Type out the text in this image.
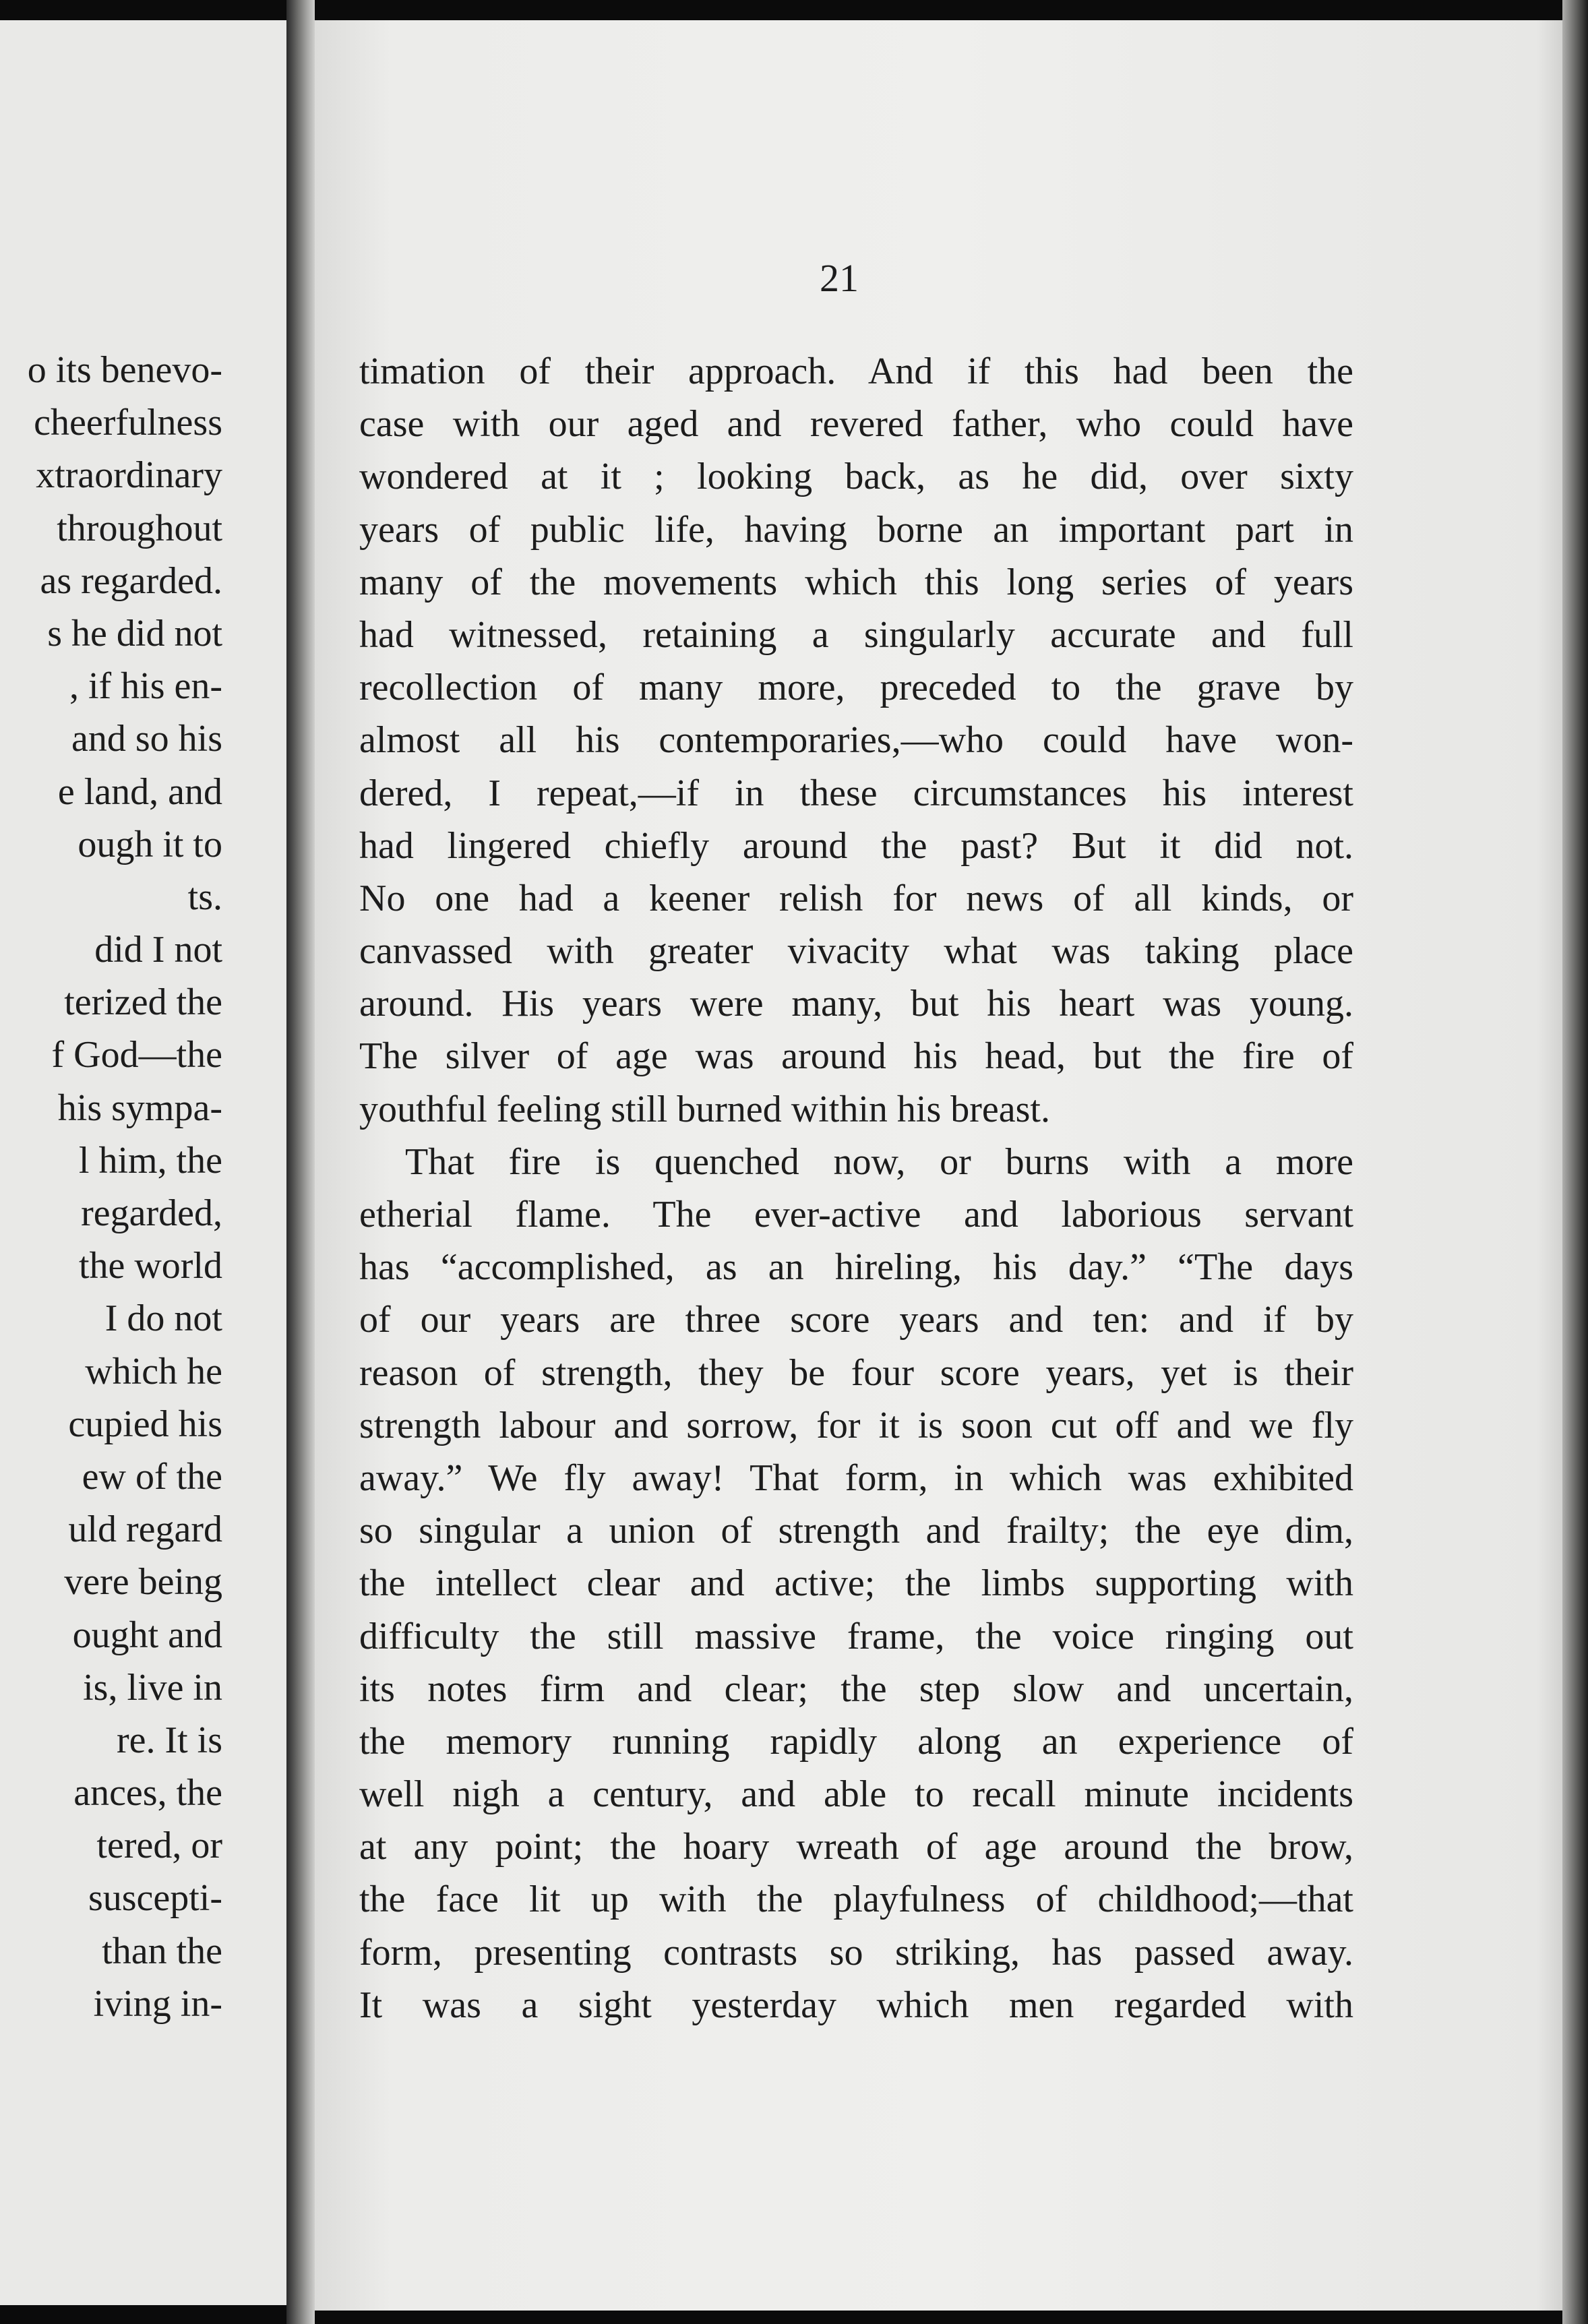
o its benevo-
cheerfulness
xtraordinary
throughout
as regarded.
s he did not
, if his en-
and so his
e land, and
ough it to
ts.
did I not
terized the
f God—the
his sympa-
l him, the
regarded,
the world
I do not
which he
cupied his
ew of the
uld regard
vere being
ought and
is, live in
re. It is
ances, the
tered, or
suscepti-
than the
iving in-
21
timation of their approach. And if this had been the
case with our aged and revered father, who could have
wondered at it ; looking back, as he did, over sixty
years of public life, having borne an important part in
many of the movements which this long series of years
had witnessed, retaining a singularly accurate and full
recollection of many more, preceded to the grave by
almost all his contemporaries,—who could have won-
dered, I repeat,—if in these circumstances his interest
had lingered chiefly around the past? But it did not.
No one had a keener relish for news of all kinds, or
canvassed with greater vivacity what was taking place
around. His years were many, but his heart was young.
The silver of age was around his head, but the fire of
youthful feeling still burned within his breast.
That fire is quenched now, or burns with a more
etherial flame. The ever-active and laborious servant
has “accomplished, as an hireling, his day.” “The days
of our years are three score years and ten: and if by
reason of strength, they be four score years, yet is their
strength labour and sorrow, for it is soon cut off and we fly
away.” We fly away! That form, in which was exhibited
so singular a union of strength and frailty; the eye dim,
the intellect clear and active; the limbs supporting with
difficulty the still massive frame, the voice ringing out
its notes firm and clear; the step slow and uncertain,
the memory running rapidly along an experience of
well nigh a century, and able to recall minute incidents
at any point; the hoary wreath of age around the brow,
the face lit up with the playfulness of childhood;—that
form, presenting contrasts so striking, has passed away.
It was a sight yesterday which men regarded with
